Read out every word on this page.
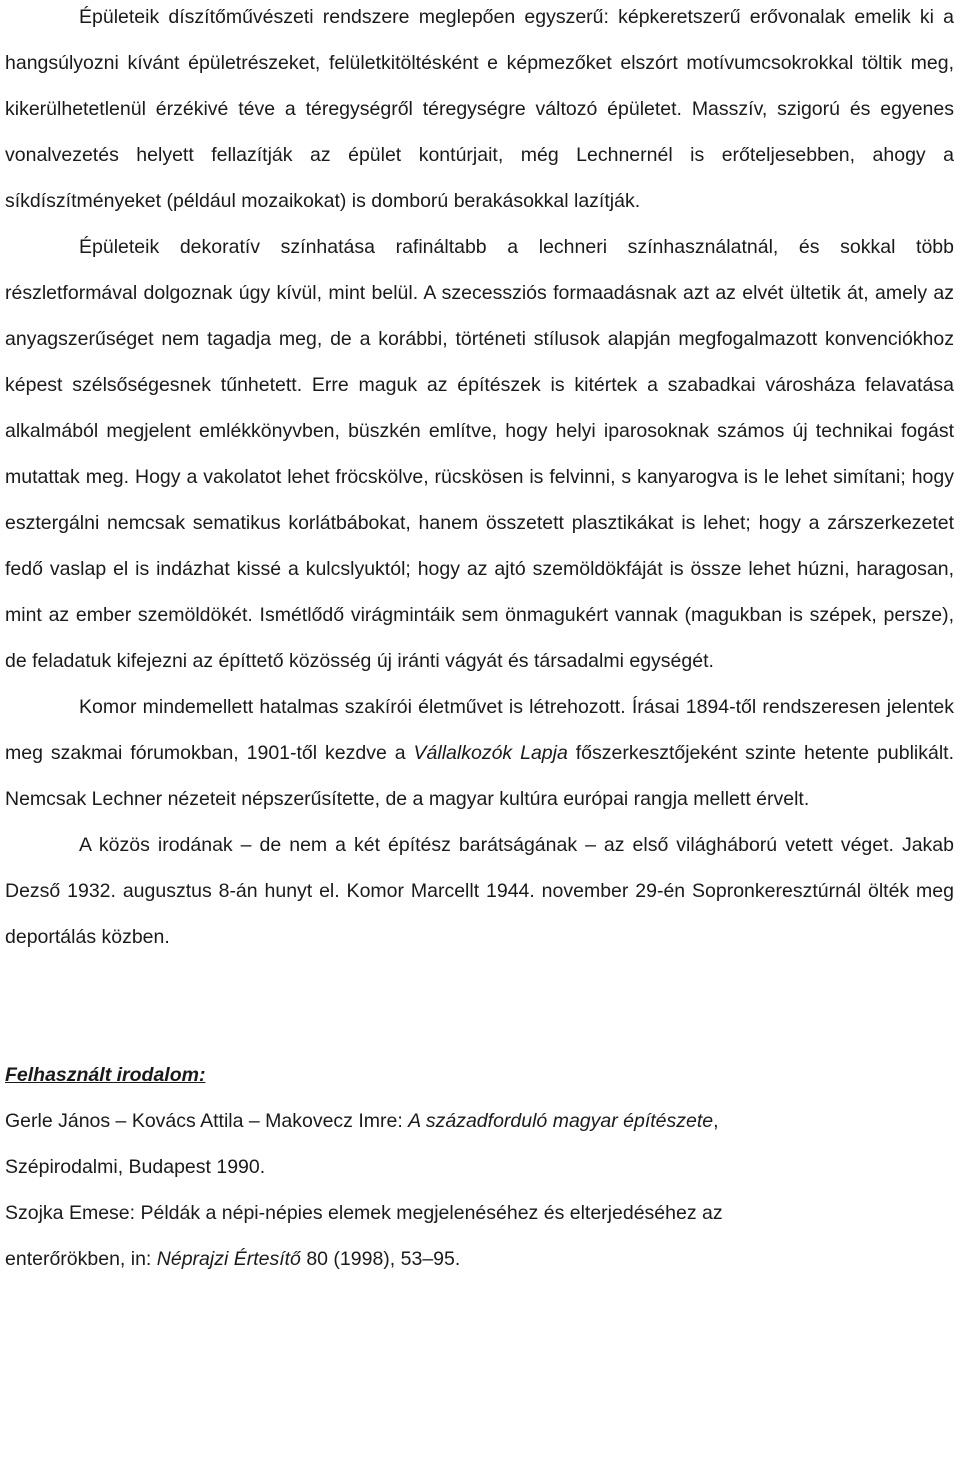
Épületeik díszítőművészeti rendszere meglepően egyszerű: képkeretszerű erővonalak emelik ki a hangsúlyozni kívánt épületrészeket, felületkitöltésként e képmezőket elszórt motívumcsokrokkal töltik meg, kikerülhetetlenül érzékivé téve a téregységről téregységre változó épületet. Masszív, szigorú és egyenes vonalvezetés helyett fellazítják az épület kontúrjait, még Lechnernél is erőteljesebben, ahogy a síkdíszítményeket (például mozaikokat) is domború berakásokkal lazítják.

Épületeik dekoratív színhatása rafináltabb a lechneri színhasználatnál, és sokkal több részletformával dolgoznak úgy kívül, mint belül. A szecessziós formaadásnak azt az elvét ültetik át, amely az anyagszerűséget nem tagadja meg, de a korábbi, történeti stílusok alapján megfogalmazott konvenciókhoz képest szélsőségesnek tűnhetett. Erre maguk az építészek is kitértek a szabadkai városháza felavatása alkalmából megjelent emlékkönyvben, büszkén említve, hogy helyi iparosoknak számos új technikai fogást mutattak meg. Hogy a vakolatot lehet fröcskölve, rücskösen is felvinni, s kanyarogva is le lehet simítani; hogy esztergálni nemcsak sematikus korlátbábokat, hanem összetett plasztikákat is lehet; hogy a zárszerkezetet fedő vaslap el is indázhat kissé a kulcslyuktól; hogy az ajtó szemöldökfáját is össze lehet húzni, haragosan, mint az ember szemöldökét. Ismétlődő virágmintáik sem önmagukért vannak (magukban is szépek, persze), de feladatuk kifejezni az építtető közösség új iránti vágyát és társadalmi egységét.

Komor mindemellett hatalmas szakírói életművet is létrehozott. Írásai 1894-től rendszeresen jelentek meg szakmai fórumokban, 1901-től kezdve a Vállalkozók Lapja főszerkesztőjeként szinte hetente publikált. Nemcsak Lechner nézeteit népszerűsítette, de a magyar kultúra európai rangja mellett érvelt.

A közös irodának – de nem a két építész barátságának – az első világháború vetett véget. Jakab Dezső 1932. augusztus 8-án hunyt el. Komor Marcellt 1944. november 29-én Sopronkeresztúrnál ölték meg deportálás közben.

Felhasznált irodalom:

Gerle János – Kovács Attila – Makovecz Imre: A századforduló magyar építészete,
Szépirodalmi, Budapest 1990.

Szojka Emese: Példák a népi-népies elemek megjelenéséhez és elterjedéséhez az
enterőrökben, in: Néprajzi Értesítő 80 (1998), 53–95.
